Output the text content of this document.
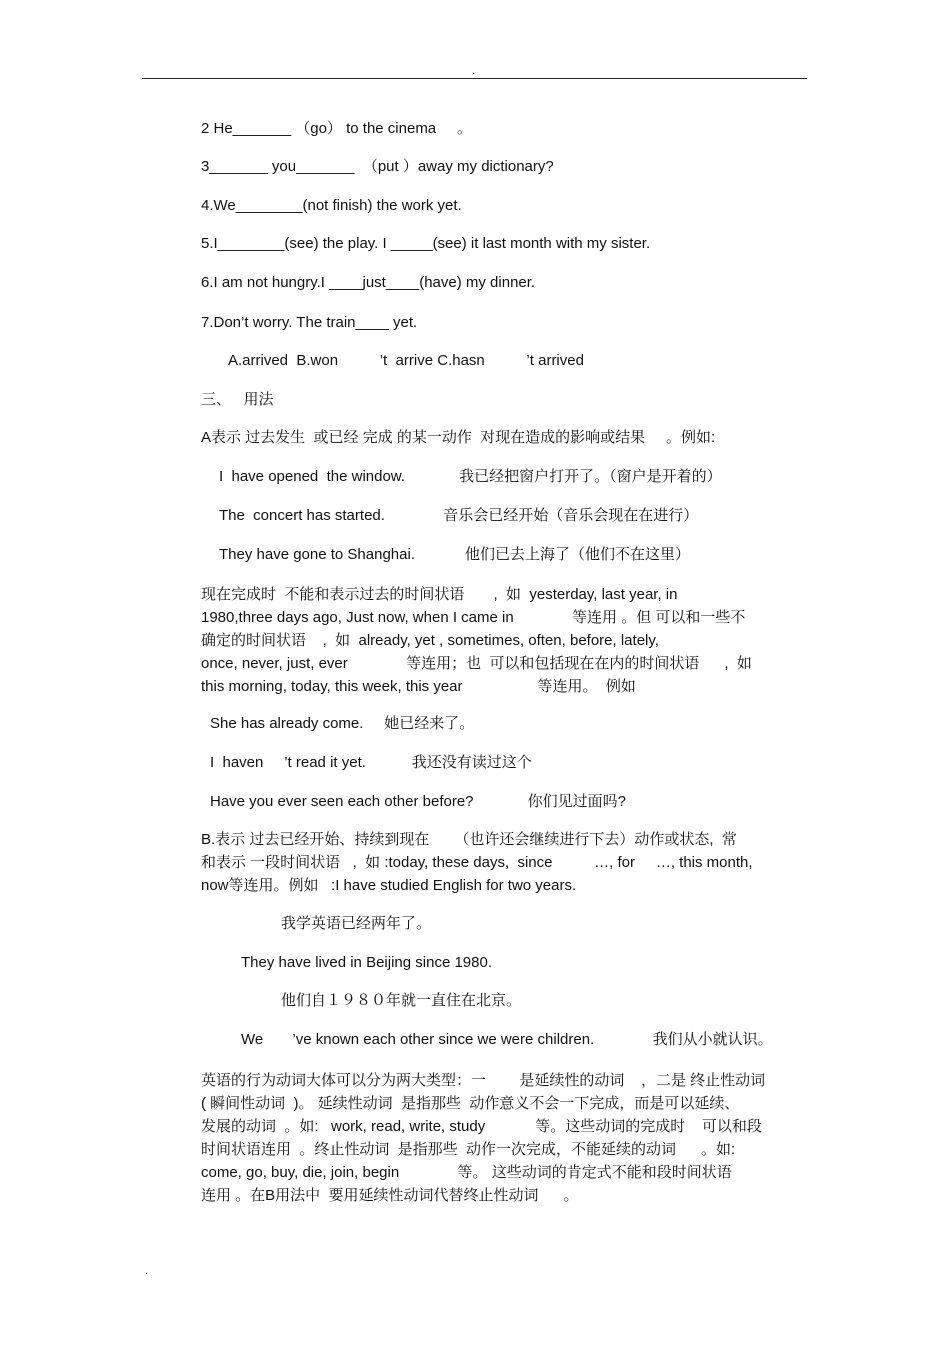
.
2 He_______ （go） to the cinema     。
3_______ you_______  （put ）away my dictionary?
4.We________(not finish) the work yet.
5.I________(see) the play. I _____(see) it last month with my sister.
6.I am not hungry.I ____just____(have) my dinner.
7.Don’t worry. The train____ yet.
A.arrived  B.won          ’t  arrive C.hasn          ’t arrived
三、   用法
A表示 过去发生  或已经 完成 的某一动作  对现在造成的影响或结果     。例如:
I  have opened  the window.             我已经把窗户打开了。（窗户是开着的）
The  concert has started.              音乐会已经开始（音乐会现在在进行）
They have gone to Shanghai.            他们已去上海了（他们不在这里）
现在完成时  不能和表示过去的时间状语       ,  如  yesterday, last year, in
1980,three days ago, Just now, when I came in              等连用 。但 可以和一些不
确定的时间状语    ,  如  already, yet , sometimes, often, before, lately,
once, never, just, ever              等连用；也  可以和包括现在在内的时间状语      ,  如
this morning, today, this week, this year                  等连用。  例如
She has already come.     她已经来了。
I  haven     ’t read it yet.           我还没有读过这个
Have you ever seen each other before?             你们见过面吗?
B.表示 过去已经开始、持续到现在      （也许还会继续进行下去）动作或状态,  常
和表示 一段时间状语   ,  如 :today, these days,  since          …, for     …, this month,
now等连用。例如   :I have studied English for two years.
我学英语已经两年了。
They have lived in Beijing since 1980.
他们自１９８０年就一直住在北京。
We       ’ve known each other since we were children.              我们从小就认识。
英语的行为动词大体可以分为两大类型：一        是延续性的动词    ，二是 终止性动词
( 瞬间性动词  )。 延续性动词  是指那些  动作意义不会一下完成，而是可以延续、
发展的动词  。如:   work, read, write, study            等。这些动词的完成时    可以和段
时间状语连用  。终止性动词  是指那些  动作一次完成，不能延续的动词      。如:
come, go, buy, die, join, begin              等。 这些动词的肯定式不能和段时间状语
连用 。在B用法中  要用延续性动词代替终止性动词      。
.
